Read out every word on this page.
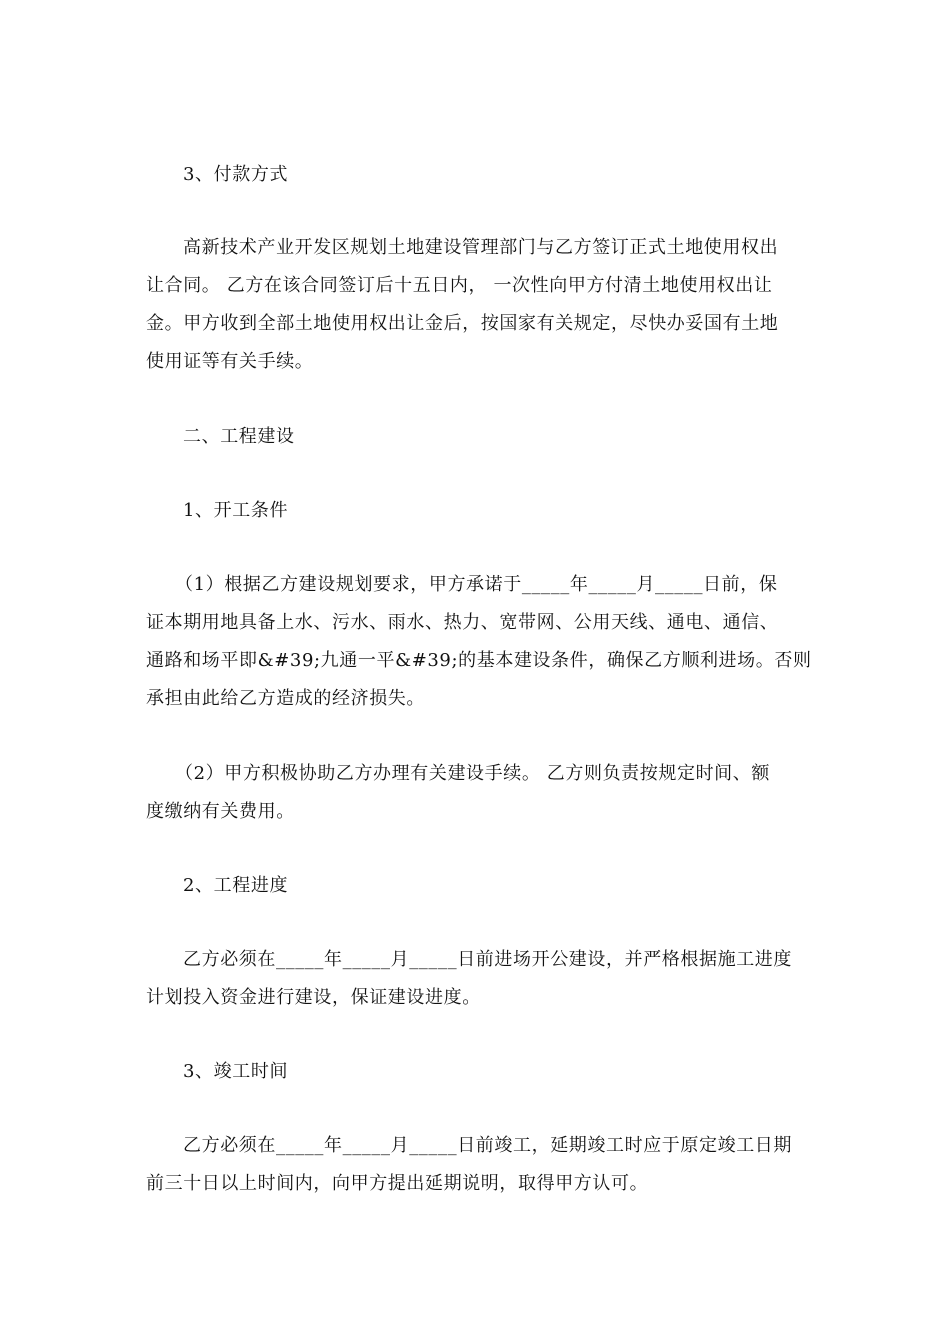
3、付款方式
高新技术产业开发区规划土地建设管理部门与乙方签订正式土地使用权出
让合同。 乙方在该合同签订后十五日内， 一次性向甲方付清土地使用权出让
金。甲方收到全部土地使用权出让金后，按国家有关规定，尽快办妥国有土地
使用证等有关手续。
二、工程建设
1、开工条件
（1）根据乙方建设规划要求，甲方承诺于_____年_____月_____日前，保
证本期用地具备上水、污水、雨水、热力、宽带网、公用天线、通电、通信、
通路和场平即&#39;九通一平&#39;的基本建设条件，确保乙方顺利进场。否则
承担由此给乙方造成的经济损失。
（2）甲方积极协助乙方办理有关建设手续。 乙方则负责按规定时间、额
度缴纳有关费用。
2、工程进度
乙方必须在_____年_____月_____日前进场开公建设，并严格根据施工进度
计划投入资金进行建设，保证建设进度。
3、竣工时间
乙方必须在_____年_____月_____日前竣工，延期竣工时应于原定竣工日期
前三十日以上时间内，向甲方提出延期说明，取得甲方认可。
